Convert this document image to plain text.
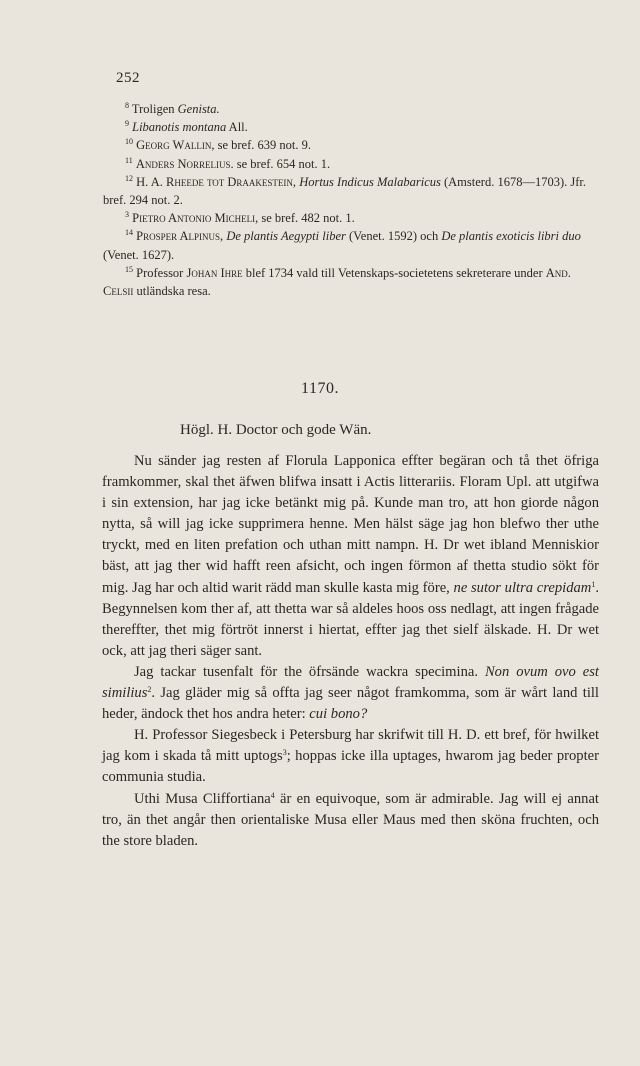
252

$^8$ Troligen Genista.

$^9$ Libanotis montana All.

$^{10}$ Georg Wallin, se bref. 639 not. 9.

$^{11}$ Anders Norrelius. se bref. 654 not. 1.

$^{12}$ H. A. Rheede tot Draakestein, Hortus Indicus Malabaricus (Amsterd. 1678—1703). Jfr. bref. 294 not. 2.

$^3$ Pietro Antonio Micheli, se bref. 482 not. 1.

$^{14}$ Prosper Alpinus, De plantis Aegypti liber (Venet. 1592) och De plantis exoticis libri duo (Venet. 1627).

$^{15}$ Professor Johan Ihre blef 1734 vald till Vetenskaps-societetens sekreterare under And. Celsii utländska resa.

1170.
Högl. H. Doctor och gode Wän.

Nu sänder jag resten af Florula Lapponica effter begäran och tå thet öfriga framkommer, skal thet äfwen blifwa insatt i Actis litterariis. Floram Upl. att utgifwa i sin extension, har jag icke betänkt mig på. Kunde man tro, att hon giorde någon nytta, så will jag icke supprimera henne. Men hälst säge jag hon blefwo ther uthe tryckt, med en liten prefation och uthan mitt nampn. H. Dr wet ibland Menniskior bäst, att jag ther wid hafft reen afsicht, och ingen förmon af thetta studio sökt för mig. Jag har och altid warit rädd man skulle kasta mig före, ne sutor ultra crepidam$^1$. Begynnelsen kom ther af, att thetta war så aldeles hoos oss nedlagt, att ingen frågade thereffter, thet mig förtröt innerst i hiertat, effter jag thet sielf älskade. H. Dr wet ock, att jag theri säger sant.

Jag tackar tusenfalt för the öfrsände wackra specimina. Non ovum ovo est similius$^2$. Jag gläder mig så offta jag seer något framkomma, som är wårt land till heder, ändock thet hos andra heter: cui bono?

H. Professor Siegesbeck i Petersburg har skrifwit till H. D. ett bref, för hwilket jag kom i skada tå mitt uptogs$^3$; hoppas icke illa uptages, hwarom jag beder propter communia studia.

Uthi Musa Cliffortiana$^4$ är en equivoque, som är admirable. Jag will ej annat tro, än thet angår then orientaliske Musa eller Maus med then sköna fruchten, och the store bladen.
